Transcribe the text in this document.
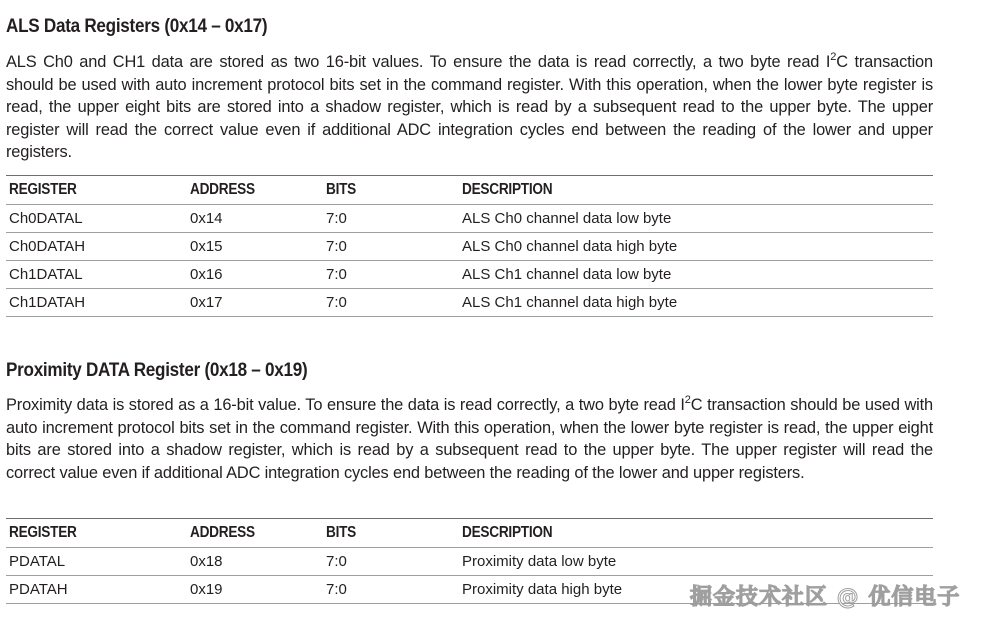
ALS Data Registers (0x14 – 0x17)

ALS Ch0 and CH1 data are stored as two 16-bit values. To ensure the data is read correctly, a two byte read $I^2C$ transaction should be used with auto increment protocol bits set in the command register. With this operation, when the lower byte register is read, the upper eight bits are stored into a shadow register, which is read by a subsequent read to the upper byte. The upper register will read the correct value even if additional ADC integration cycles end between the reading of the lower and upper registers.

REGISTER	ADDRESS	BITS	DESCRIPTION
Ch0DATAL	0x14	7:0	ALS Ch0 channel data low byte
Ch0DATAH	0x15	7:0	ALS Ch0 channel data high byte
Ch1DATAL	0x16	7:0	ALS Ch1 channel data low byte
Ch1DATAH	0x17	7:0	ALS Ch1 channel data high byte
Proximity DATA Register (0x18 – 0x19)

Proximity data is stored as a 16-bit value. To ensure the data is read correctly, a two byte read $I^2C$ transaction should be used with auto increment protocol bits set in the command register. With this operation, when the lower byte register is read, the upper eight bits are stored into a shadow register, which is read by a subsequent read to the upper byte. The upper register will read the correct value even if additional ADC integration cycles end between the reading of the lower and upper registers.

REGISTER	ADDRESS	BITS	DESCRIPTION
PDATAL	0x18	7:0	Proximity data low byte
PDATAH	0x19	7:0	Proximity data high byte	掘金技术社区 @ 优信电子
